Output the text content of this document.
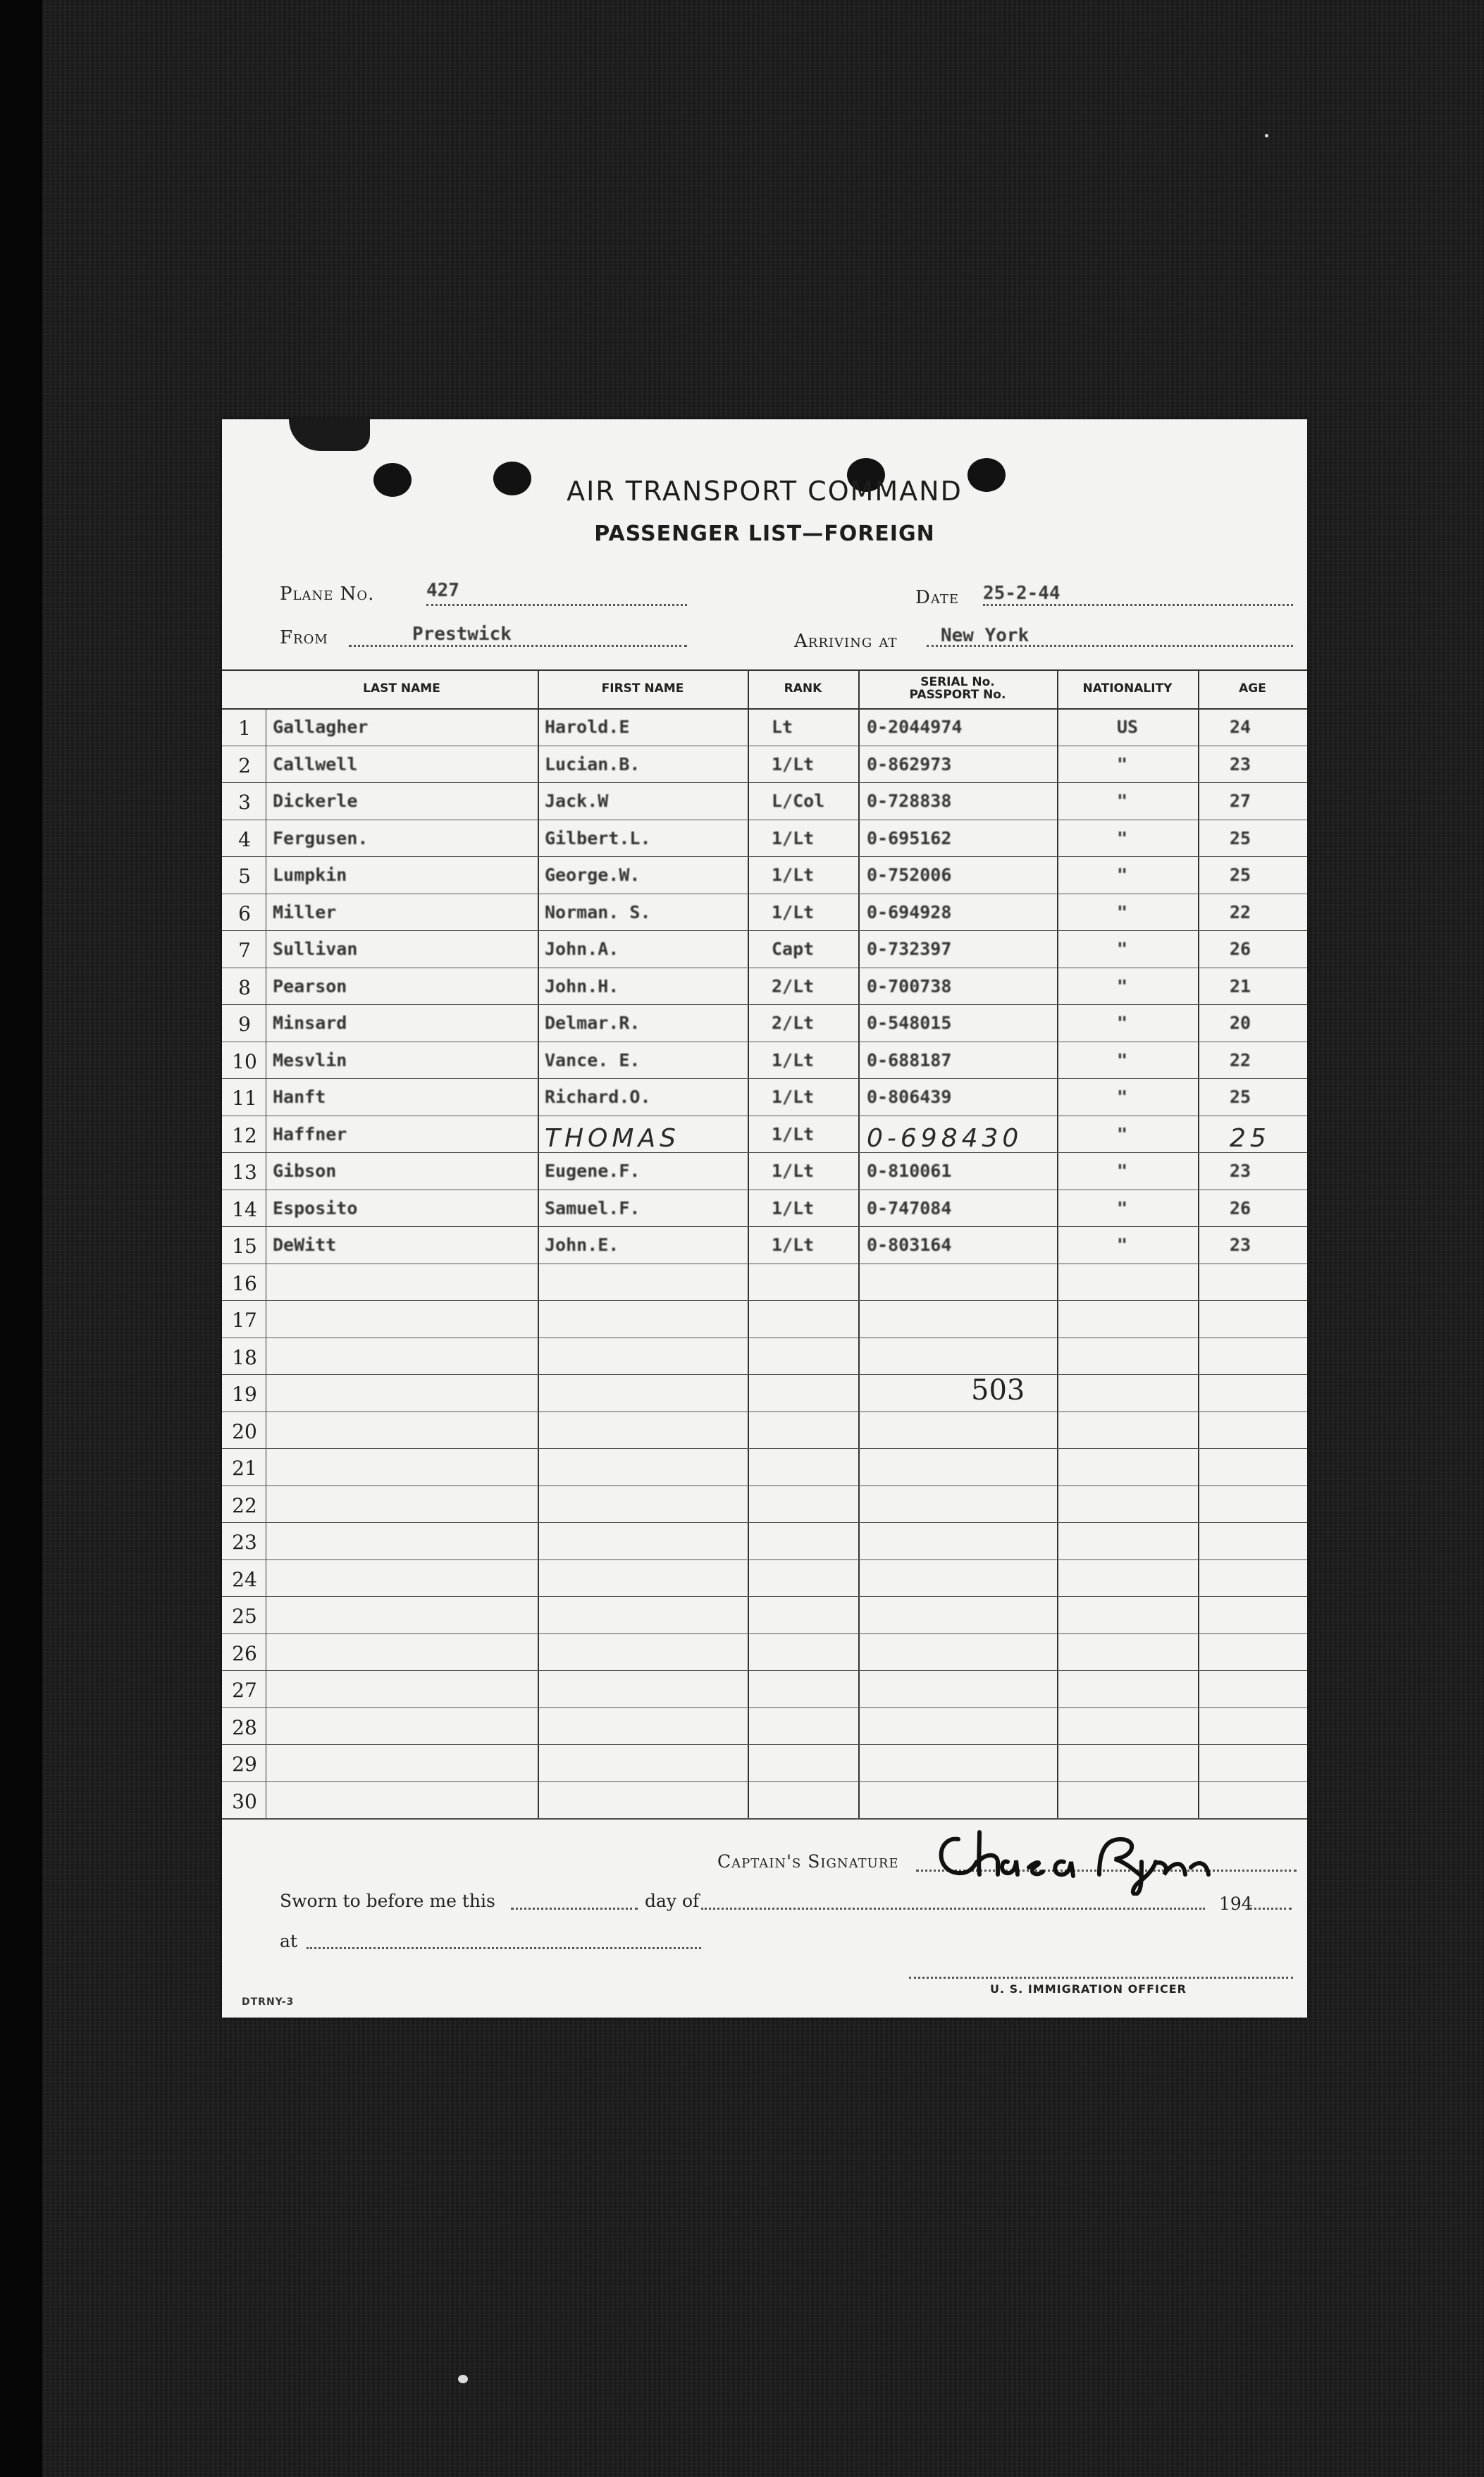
AIR TRANSPORT COMMAND
PASSENGER LIST—FOREIGN
Plane No.	427	Date 25-2-44
From	Prestwick	Arriving at New York
LAST NAME	FIRST NAME	RANK	SERIAL No. PASSPORT No.	NATIONALITY	AGE
1	Gallagher	Harold.E	Lt	0-2044974	US	24
2	Callwell	Lucian.B.	1/Lt	0-862973	"	23
3	Dickerle	Jack.W	L/Col 0-728838	"	27
4	Fergusen.	Gilbert.L.	1/Lt	0-695162	"	25
5	Lumpkin	George.W.	1/Lt	0-752006	"	25
6	Miller	Norman. S.	1/Lt	0-694928	"	22
7	Sullivan	John.A.	Capt	0-732397	"	26
8	Pearson	John.H.	2/Lt	0-700738	"	21
9	Minsard	Delmar.R.	2/Lt	0-548015	"	20
10 Mesvlin	Vance. E.	1/Lt	0-688187	"	22
11 Hanft	Richard.O.	1/Lt	0-806439	"	25
12 Haffner	THOMAS	1/Lt 0-698430	"	25
13 Gibson	Eugene.F.	1/Lt	0-810061	"	23
14 Esposito	Samuel.F.	1/Lt	0-747084	"	26
15 DeWitt	John.E.	1/Lt	0-803164	"	23
16
17
18
19
20
21
22
23
24
25
26
27
28
29
30
503
Captain's Signature
Sworn to before me this	day of	194
at
U. S. IMMIGRATION OFFICER
DTRNY-3
